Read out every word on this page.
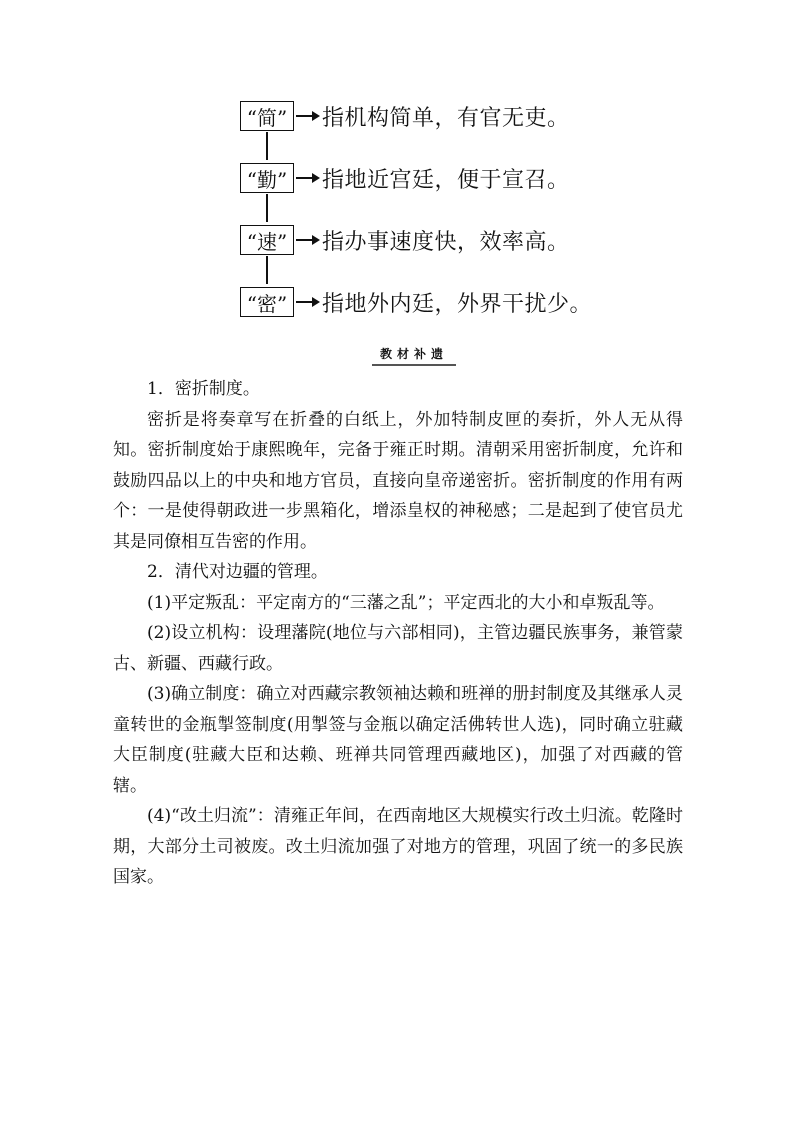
“简”	指机构简单，有官无吏。
“勤”	指地近宫廷，便于宣召。
“速”	指办事速度快，效率高。
“密”	指地外内廷，外界干扰少。
教材补遗

1．密折制度。

密折是将奏章写在折叠的白纸上，外加特制皮匣的奏折，外人无从得知。密折制度始于康熙晚年，完备于雍正时期。清朝采用密折制度，允许和鼓励四品以上的中央和地方官员，直接向皇帝递密折。密折制度的作用有两个：一是使得朝政进一步黑箱化，增添皇权的神秘感；二是起到了使官员尤其是同僚相互告密的作用。

2．清代对边疆的管理。

(1)平定叛乱：平定南方的“三藩之乱”；平定西北的大小和卓叛乱等。

(2)设立机构：设理藩院(地位与六部相同)，主管边疆民族事务，兼管蒙古、新疆、西藏行政。

(3)确立制度：确立对西藏宗教领袖达赖和班禅的册封制度及其继承人灵童转世的金瓶掣签制度(用掣签与金瓶以确定活佛转世人选)，同时确立驻藏大臣制度(驻藏大臣和达赖、班禅共同管理西藏地区)，加强了对西藏的管辖。

(4)“改土归流”：清雍正年间，在西南地区大规模实行改土归流。乾隆时期，大部分土司被废。改土归流加强了对地方的管理，巩固了统一的多民族国家。
